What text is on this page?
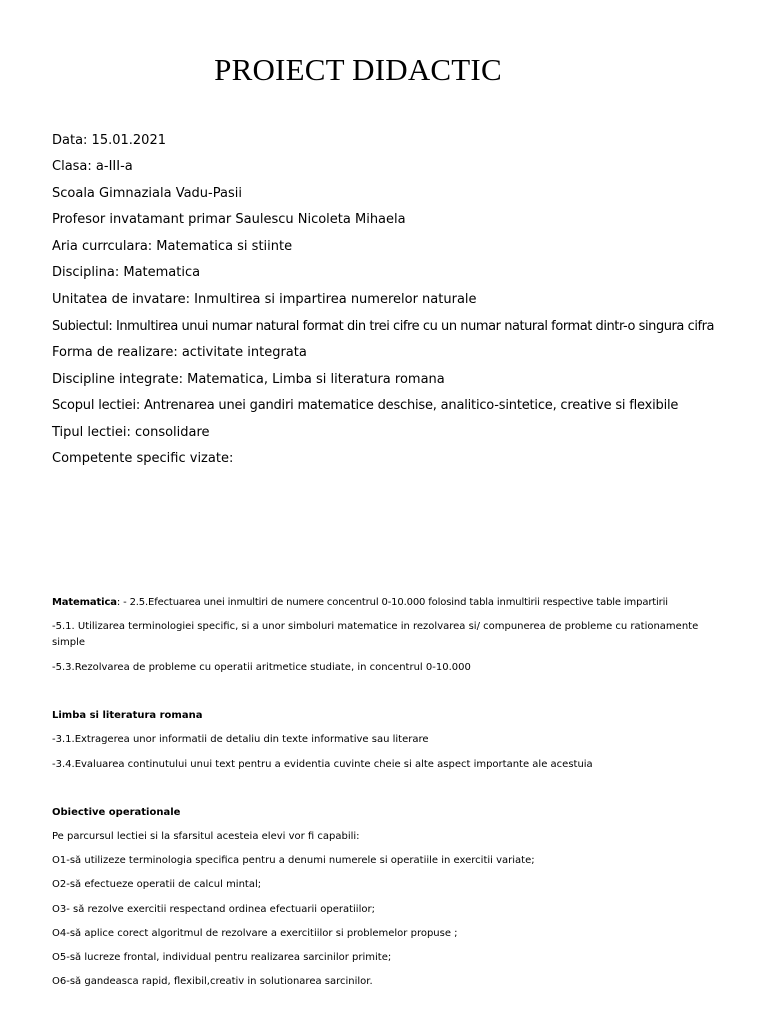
PROIECT DIDACTIC
Data: 15.01.2021
Clasa: a-III-a
Scoala Gimnaziala Vadu-Pasii
Profesor invatamant primar Saulescu Nicoleta Mihaela
Aria currculara: Matematica si stiinte
Disciplina: Matematica
Unitatea de invatare: Inmultirea si impartirea numerelor naturale
Subiectul: Inmultirea unui numar natural format din trei cifre cu un numar natural format dintr-o singura cifra
Forma de realizare: activitate integrata
Discipline integrate: Matematica, Limba si literatura romana
Scopul lectiei: Antrenarea unei gandiri matematice deschise, analitico-sintetice, creative si flexibile
Tipul lectiei: consolidare
Competente specific vizate:
Matematica: - 2.5.Efectuarea unei inmultiri de numere concentrul 0-10.000 folosind tabla inmultirii respective table impartirii
-5.1. Utilizarea terminologiei specific, si a unor simboluri matematice in rezolvarea si/ compunerea de probleme cu rationamente simple
-5.3.Rezolvarea de probleme cu operatii aritmetice studiate, in concentrul 0-10.000
Limba si literatura romana
-3.1.Extragerea unor informatii de detaliu din texte informative sau literare
-3.4.Evaluarea continutului unui text pentru a evidentia cuvinte cheie si alte aspect importante ale acestuia
Obiective operationale
Pe parcursul lectiei si la sfarsitul acesteia elevi vor fi capabili:
O1-să utilizeze terminologia specifica pentru a denumi numerele si operatiile in exercitii variate;
O2-să efectueze operatii de calcul mintal;
O3- să rezolve exercitii respectand ordinea efectuarii operatiilor;
O4-să aplice corect algoritmul de rezolvare a exercitiilor si problemelor propuse ;
O5-să lucreze frontal, individual pentru realizarea sarcinilor primite;
O6-să gandeasca rapid, flexibil,creativ in solutionarea sarcinilor.
